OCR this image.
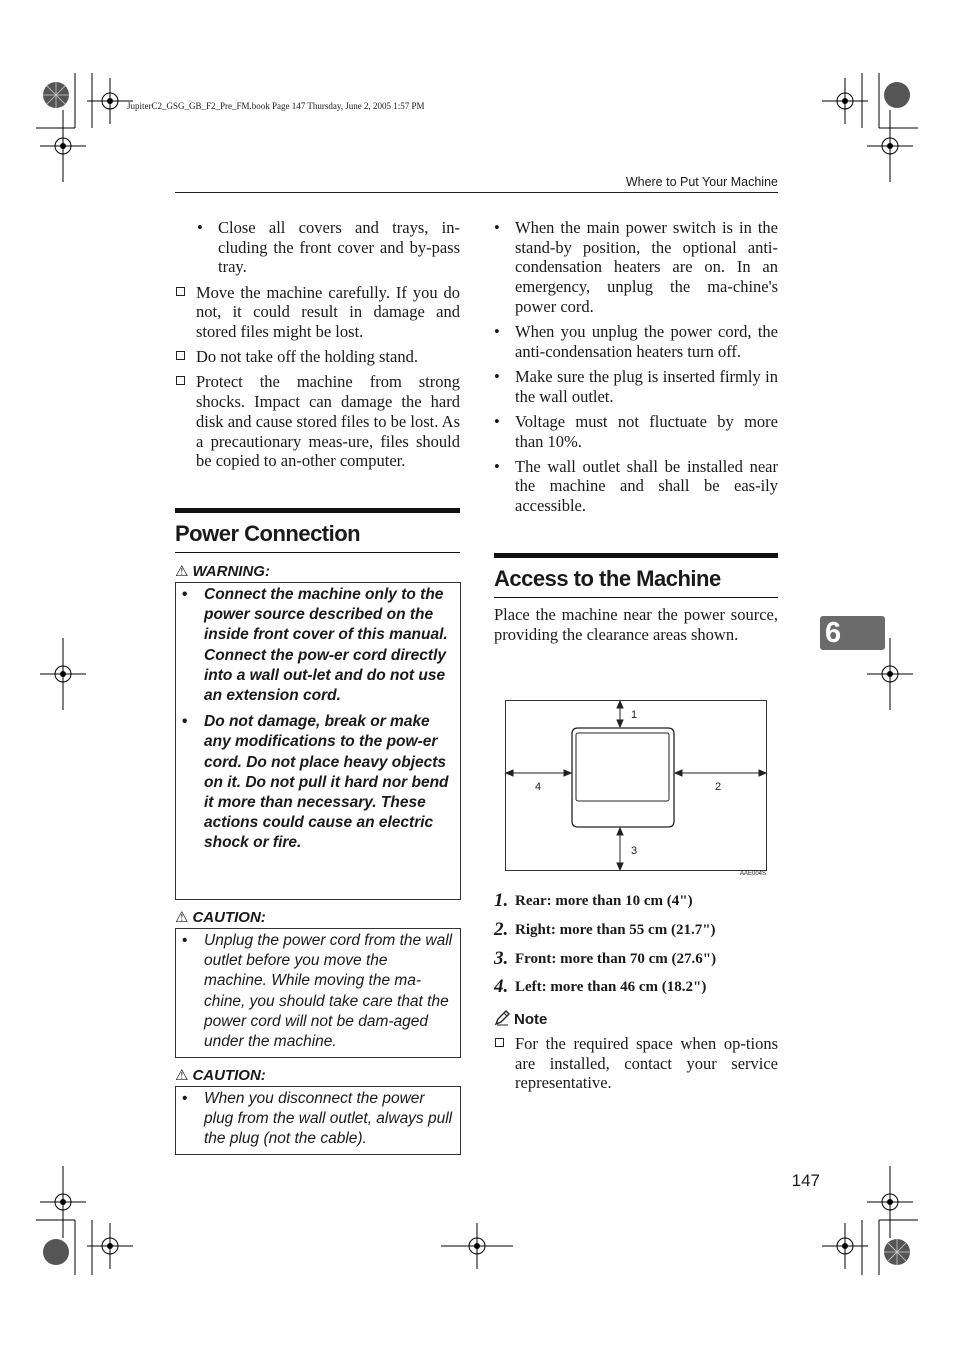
JupiterC2_GSG_GB_F2_Pre_FM.book Page 147 Thursday, June 2, 2005 1:57 PM
Where to Put Your Machine
• Close all covers and trays, in-cluding the front cover and by-pass tray.

Move the machine carefully. If you do not, it could result in damage and stored files might be lost.

Do not take off the holding stand.

Protect the machine from strong shocks. Impact can damage the hard disk and cause stored files to be lost. As a precautionary meas-ure, files should be copied to an-other computer.

Power Connection
⚠ WARNING:
• Connect the machine only to the power source described on the inside front cover of this manual. Connect the pow-er cord directly into a wall out-let and do not use an extension cord.
• Do not damage, break or make any modifications to the pow-er cord. Do not place heavy objects on it. Do not pull it hard nor bend it more than necessary. These actions could cause an electric shock or fire.
⚠ CAUTION:
• Unplug the power cord from the wall outlet before you move the machine. While moving the ma-chine, you should take care that the power cord will not be dam-aged under the machine.
⚠ CAUTION:
• When you disconnect the power plug from the wall outlet, always pull the plug (not the cable).
• When the main power switch is in the stand-by position, the optional anti-condensation heaters are on. In an emergency, unplug the ma-chine's power cord.

• When you unplug the power cord, the anti-condensation heaters turn off.

• Make sure the plug is inserted firmly in the wall outlet.

• Voltage must not fluctuate by more than 10%.

• The wall outlet shall be installed near the machine and shall be eas-ily accessible.

Access to the Machine

Place the machine near the power source, providing the clearance areas shown.

1
2
3
4
AAE004S
1. Rear: more than 10 cm (4")
2. Right: more than 55 cm (21.7")
3. Front: more than 70 cm (27.6")
4. Left: more than 46 cm (18.2")
Note

For the required space when op-tions are installed, contact your service representative.

6
147
